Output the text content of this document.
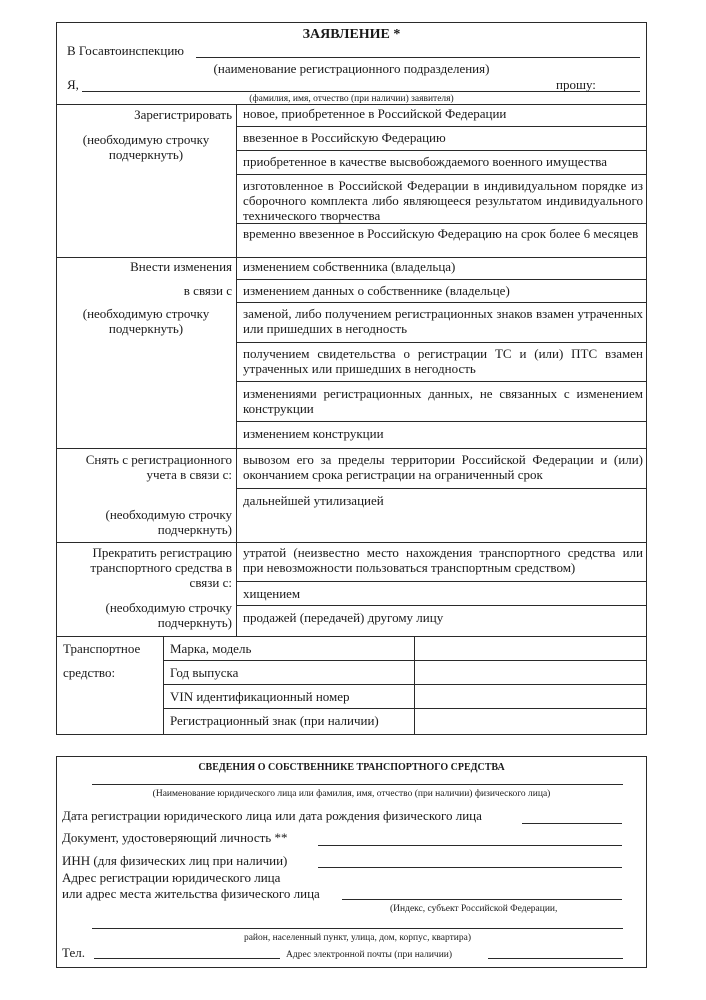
ЗАЯВЛЕНИЕ *
В Госавтоинспекцию
(наименование регистрационного подразделения)
Я,	прошу:
(фамилия, имя, отчество (при наличии) заявителя)
Зарегистрировать
(необходимую строчку подчеркнуть)
новое, приобретенное в Российской Федерации
ввезенное в Российскую Федерацию
приобретенное в качестве высвобождаемого военного имущества
изготовленное в Российской Федерации в индивидуальном порядке из сборочного комплекта либо являющееся результатом индивидуального технического творчества
временно ввезенное в Российскую Федерацию на срок более 6 месяцев
Внести изменения
в связи с
(необходимую строчку подчеркнуть)
изменением собственника (владельца)
изменением данных о собственнике (владельце)
заменой, либо получением регистрационных знаков взамен утраченных или пришедших в негодность
получением свидетельства о регистрации ТС и (или) ПТС взамен утраченных или пришедших в негодность
изменениями регистрационных данных, не связанных с изменением конструкции
изменением конструкции
Снять с регистрационного учета в связи с:
(необходимую строчку подчеркнуть)
вывозом его за пределы территории Российской Федерации и (или) окончанием срока регистрации на ограниченный срок
дальнейшей утилизацией
Прекратить регистрацию транспортного средства в связи с:
(необходимую строчку подчеркнуть)
утратой (неизвестно место нахождения транспортного средства или при невозможности пользоваться транспортным средством)
хищением
продажей (передачей) другому лицу
Транспортное
средство:
Марка, модель
Год выпуска
VIN идентификационный номер
Регистрационный знак (при наличии)
СВЕДЕНИЯ О СОБСТВЕННИКЕ ТРАНСПОРТНОГО СРЕДСТВА
(Наименование юридического лица или фамилия, имя, отчество (при наличии) физического лица)
Дата регистрации юридического лица или дата рождения физического лица
Документ, удостоверяющий личность **
ИНН (для физических лиц при наличии)
Адрес регистрации юридического лица
или адрес места жительства физического лица
(Индекс, субъект Российской Федерации,
район, населенный пункт, улица, дом, корпус, квартира)
Тел.	Адрес электронной почты (при наличии)
